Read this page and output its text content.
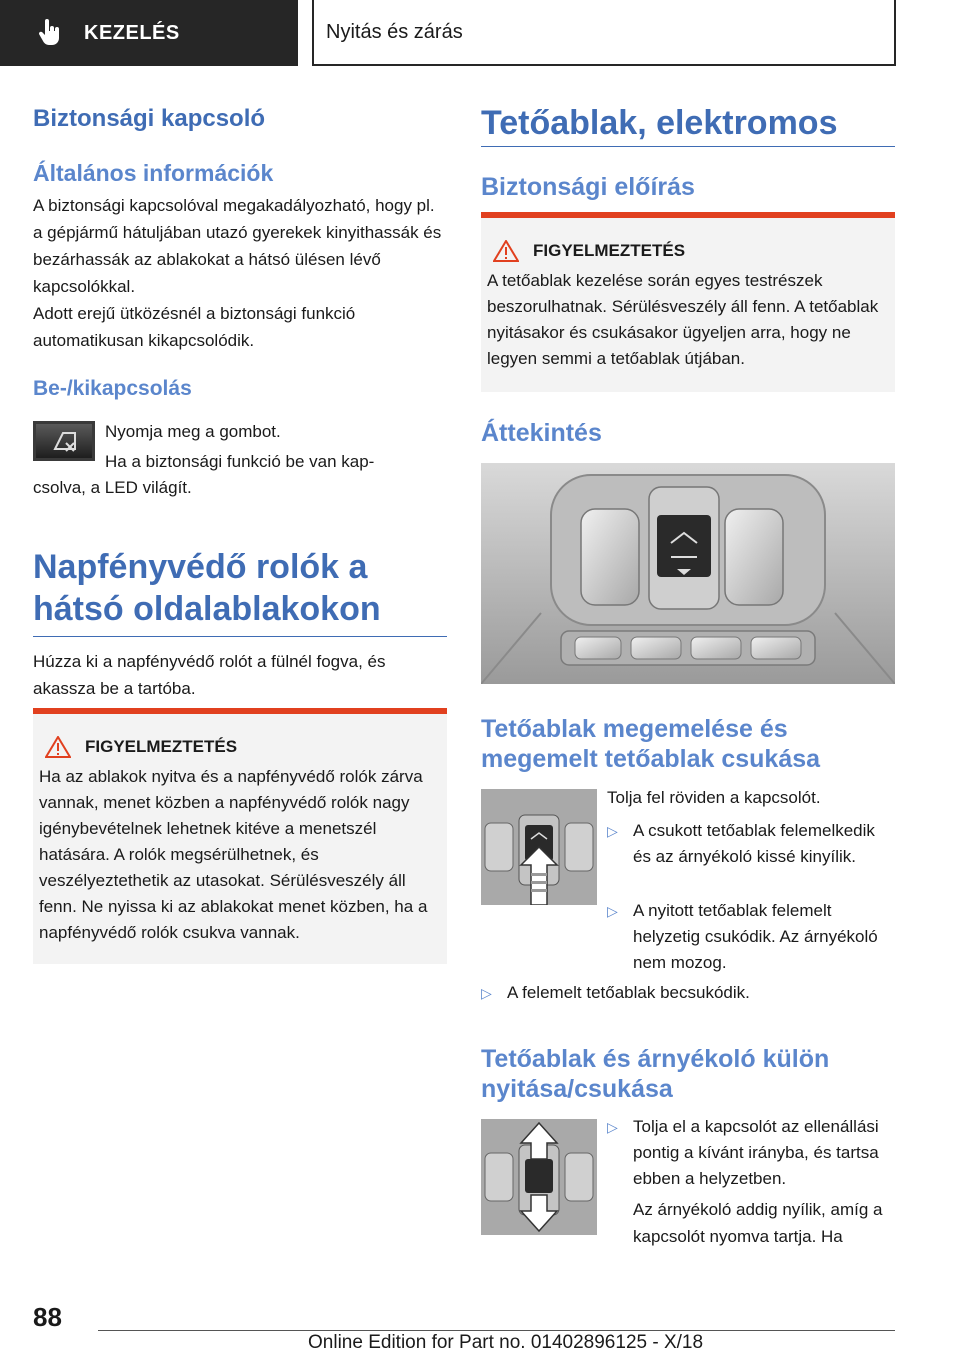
KEZELÉS	Nyitás és zárás
Biztonsági kapcsoló
Általános információk

A biztonsági kapcsolóval megakadályozható, hogy pl. a gépjármű hátuljában utazó gyerekek kinyithassák és bezárhassák az ablakokat a hátsó ülésen lévő kapcsolókkal.

Adott erejű ütközésnél a biztonsági funkció automatikusan kikapcsolódik.

Be-/kikapcsolás

Nyomja meg a gombot.

Ha a biztonsági funkció be van kap-

csolva, a LED világít.

Napfényvédő rolók a hátsó oldalablakokon

Húzza ki a napfényvédő rolót a fülnél fogva, és akassza be a tartóba.

FIGYELMEZTETÉS

Ha az ablakok nyitva és a napfényvédő rolók zárva vannak, menet közben a napfényvédő rolók nagy igénybevételnek lehetnek kitéve a menetszél hatására. A rolók megsérülhetnek, és veszélyeztethetik az utasokat. Sérülésveszély áll fenn. Ne nyissa ki az ablakokat menet közben, ha a napfényvédő rolók csukva vannak.

Tetőablak, elektromos
Biztonsági előírás
FIGYELMEZTETÉS

A tetőablak kezelése során egyes testrészek beszorulhatnak. Sérülésveszély áll fenn. A tetőablak nyitásakor és csukásakor ügyeljen arra, hogy ne legyen semmi a tetőablak útjában.

Áttekintés
Tetőablak megemelése és megemelt tetőablak csukása

Tolja fel röviden a kapcsolót.

▷ A csukott tetőablak felemelkedik és az árnyékoló kissé kinyílik.
▷ A nyitott tetőablak felemelt helyzetig csukódik. Az árnyékoló nem mozog.
▷ A felemelt tetőablak becsukódik.
Tetőablak és árnyékoló külön nyitása/csukása
▷ Tolja el a kapcsolót az ellenállási pontig a kívánt irányba, és tartsa ebben a helyzetben.

Az árnyékoló addig nyílik, amíg a kapcsolót nyomva tartja. Ha

88
Online Edition for Part no. 01402896125 - X/18
